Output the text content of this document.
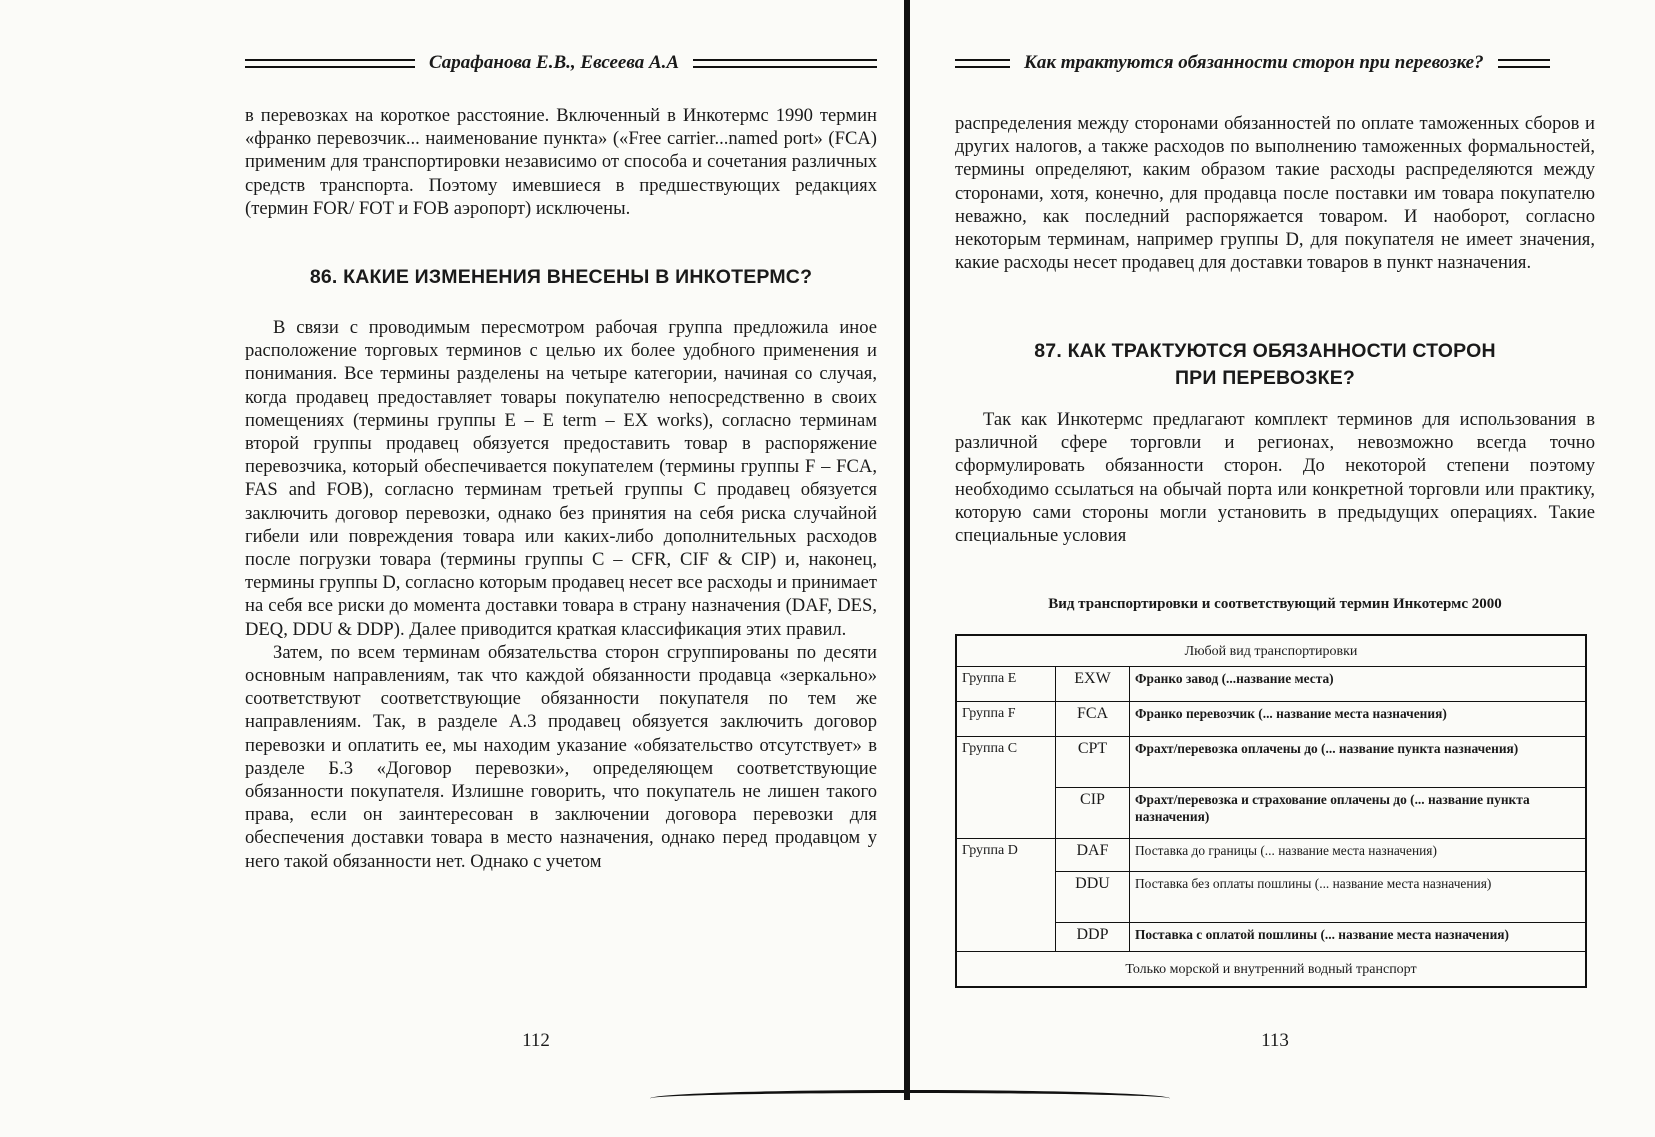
Сарафанова Е.В., Евсеева А.А

в перевозках на короткое расстояние. Включенный в Инкотермс 1990 термин «франко перевозчик... наименование пункта» («Free carrier...named port» (FCA) применим для транспортировки независимо от способа и сочетания различных средств транспорта. Поэтому имевшиеся в предшествующих редакциях (термин FOR/ FOT и FOB аэропорт) исключены.

86. КАКИЕ ИЗМЕНЕНИЯ ВНЕСЕНЫ В ИНКОТЕРМС?

В связи с проводимым пересмотром рабочая группа предложила иное расположение торговых терминов с целью их более удобного применения и понимания. Все термины разделены на четыре категории, начиная со случая, когда продавец предоставляет товары покупателю непосредственно в своих помещениях (термины группы Е – E term – EX works), согласно терминам второй группы продавец обязуется предоставить товар в распоряжение перевозчика, который обеспечивается покупателем (термины группы F – FCA, FAS and FOB), согласно терминам третьей группы С продавец обязуется заключить договор перевозки, однако без принятия на себя риска случайной гибели или повреждения товара или каких-либо дополнительных расходов после погрузки товара (термины группы С – CFR, CIF & CIP) и, наконец, термины группы D, согласно которым продавец несет все расходы и принимает на себя все риски до момента доставки товара в страну назначения (DAF, DES, DEQ, DDU & DDP). Далее приводится краткая классификация этих правил.

Затем, по всем терминам обязательства сторон сгруппированы по десяти основным направлениям, так что каждой обязанности продавца «зеркально» соответствуют соответствующие обязанности покупателя по тем же направлениям. Так, в разделе А.3 продавец обязуется заключить договор перевозки и оплатить ее, мы находим указание «обязательство отсутствует» в разделе Б.3 «Договор перевозки», определяющем соответствующие обязанности покупателя. Излишне говорить, что покупатель не лишен такого права, если он заинтересован в заключении договора перевозки для обеспечения доставки товара в место назначения, однако перед продавцом у него такой обязанности нет. Однако с учетом

112
Как трактуются обязанности сторон при перевозке?

распределения между сторонами обязанностей по оплате таможенных сборов и других налогов, а также расходов по выполнению таможенных формальностей, термины определяют, каким образом такие расходы распределяются между сторонами, хотя, конечно, для продавца после поставки им товара покупателю неважно, как последний распоряжается товаром. И наоборот, согласно некоторым терминам, например группы D, для покупателя не имеет значения, какие расходы несет продавец для доставки товаров в пункт назначения.

87. КАК ТРАКТУЮТСЯ ОБЯЗАННОСТИ СТОРОН
ПРИ ПЕРЕВОЗКЕ?

Так как Инкотермс предлагают комплект терминов для использования в различной сфере торговли и регионах, невозможно всегда точно сформулировать обязанности сторон. До некоторой степени поэтому необходимо ссылаться на обычай порта или конкретной торговли или практику, которую сами стороны могли установить в предыдущих операциях. Такие специальные условия

Вид транспортировки и соответствующий термин Инкотермс 2000
Любой вид транспортировки		
Группа Е	EXW	Франко завод (...название места)
Группа F	FCA	Франко перевозчик (... название места назначения)
Группа С	CPT	Фрахт/перевозка оплачены до (... название пункта назначения)
	CIP	Фрахт/перевозка и страхование оплачены до (... название пункта назначения)
Группа D	DAF	Поставка до границы (... название места назначения)
	DDU	Поставка без оплаты пошлины (... название места назначения)
	DDP	Поставка с оплатой пошлины (... название места назначения)
Только морской и внутренний водный транспорт		
113
